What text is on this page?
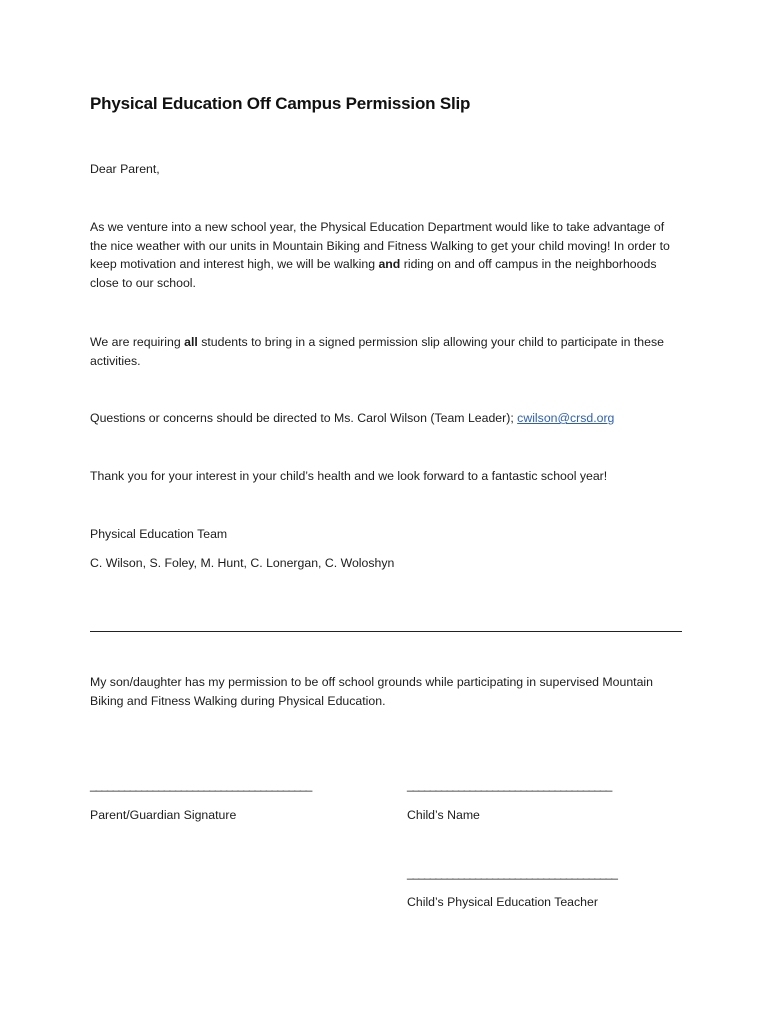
Physical Education Off Campus Permission Slip
Dear Parent,
As we venture into a new school year, the Physical Education Department would like to take advantage of the nice weather with our units in Mountain Biking and Fitness Walking to get your child moving! In order to keep motivation and interest high, we will be walking and riding on and off campus in the neighborhoods close to our school.
We are requiring all students to bring in a signed permission slip allowing your child to participate in these activities.
Questions or concerns should be directed to Ms. Carol Wilson (Team Leader); cwilson@crsd.org
Thank you for your interest in your child’s health and we look forward to a fantastic school year!
Physical Education Team
C. Wilson, S. Foley, M. Hunt, C. Lonergan, C. Woloshyn
My son/daughter has my permission to be off school grounds while participating in supervised Mountain Biking and Fitness Walking during Physical Education.
_______________________________________	____________________________________
Parent/Guardian Signature	Child’s Name
_____________________________________
Child’s Physical Education Teacher
